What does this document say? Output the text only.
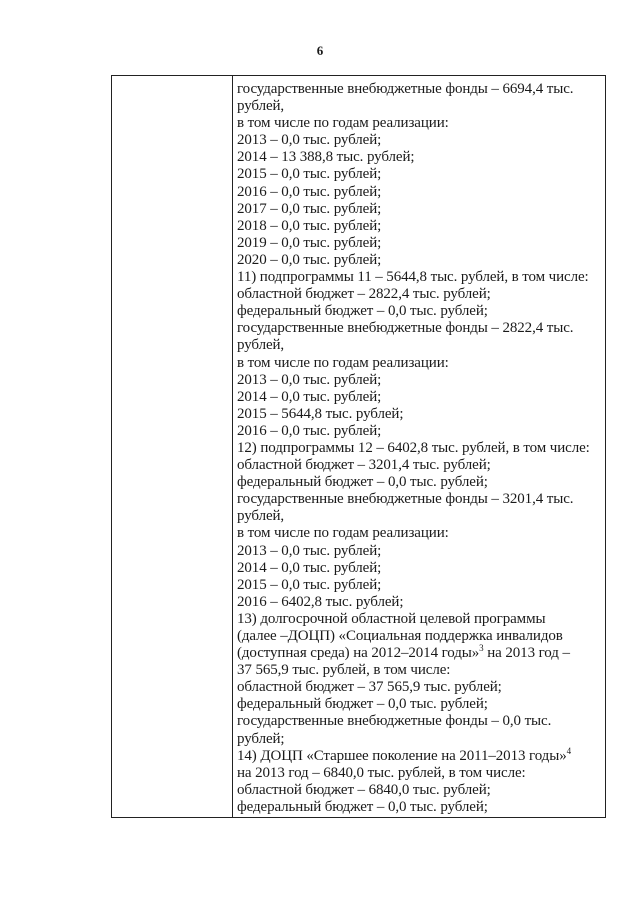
6
государственные внебюджетные фонды – 6694,4 тыс.
рублей,
в том числе по годам реализации:
2013 – 0,0 тыс. рублей;
2014 – 13 388,8 тыс. рублей;
2015 – 0,0 тыс. рублей;
2016 – 0,0 тыс. рублей;
2017 – 0,0 тыс. рублей;
2018 – 0,0 тыс. рублей;
2019 – 0,0 тыс. рублей;
2020 – 0,0 тыс. рублей;
11) подпрограммы 11 – 5644,8 тыс. рублей, в том числе:
областной бюджет – 2822,4 тыс. рублей;
федеральный бюджет – 0,0 тыс. рублей;
государственные внебюджетные фонды – 2822,4 тыс.
рублей,
в том числе по годам реализации:
2013 – 0,0 тыс. рублей;
2014 – 0,0 тыс. рублей;
2015 – 5644,8 тыс. рублей;
2016 – 0,0 тыс. рублей;
12) подпрограммы 12 – 6402,8 тыс. рублей, в том числе:
областной бюджет – 3201,4 тыс. рублей;
федеральный бюджет – 0,0 тыс. рублей;
государственные внебюджетные фонды – 3201,4 тыс.
рублей,
в том числе по годам реализации:
2013 – 0,0 тыс. рублей;
2014 – 0,0 тыс. рублей;
2015 – 0,0 тыс. рублей;
2016 – 6402,8 тыс. рублей;
13) долгосрочной областной целевой программы
(далее –ДОЦП) «Социальная поддержка инвалидов
(доступная среда) на 2012–2014 годы»$^3$ на 2013 год –
37 565,9 тыс. рублей, в том числе:
областной бюджет – 37 565,9 тыс. рублей;
федеральный бюджет – 0,0 тыс. рублей;
государственные внебюджетные фонды – 0,0 тыс.
рублей;
14) ДОЦП «Старшее поколение на 2011–2013 годы»$^4$
на 2013 год – 6840,0 тыс. рублей, в том числе:
областной бюджет – 6840,0 тыс. рублей;
федеральный бюджет – 0,0 тыс. рублей;
